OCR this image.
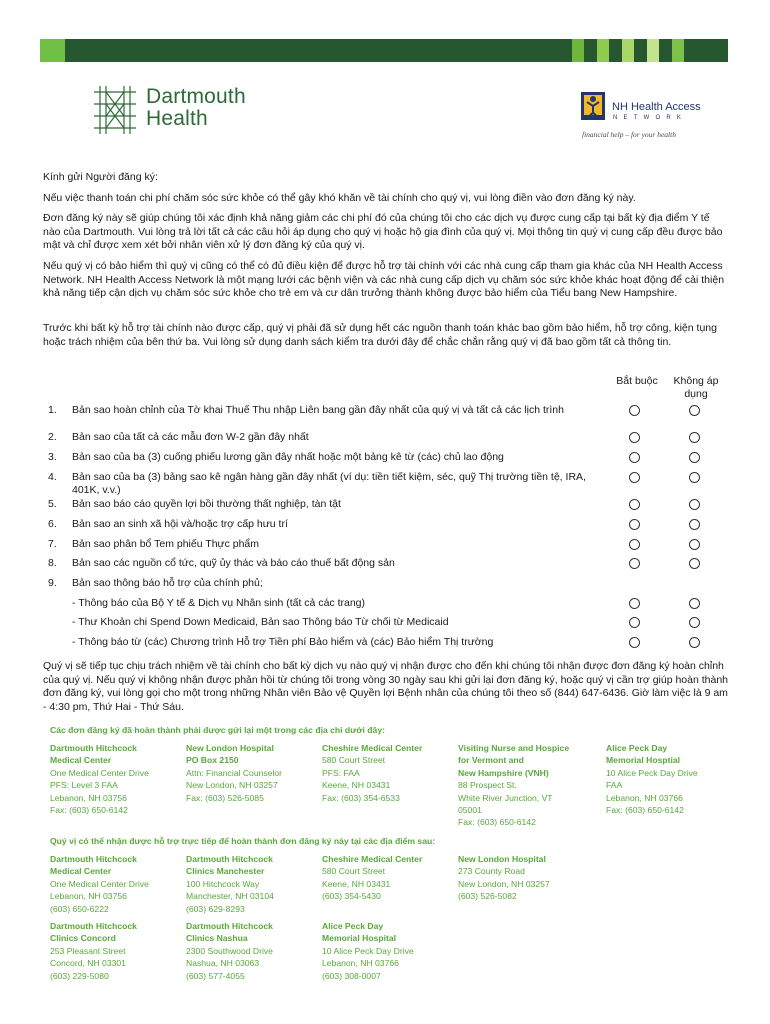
Dartmouth
Health	NH Health Access
NETWORK
financial help – for your health
Kính gửi Người đăng ký:
Nếu việc thanh toán chi phí chăm sóc sức khỏe có thể gây khó khăn về tài chính cho quý vị, vui lòng điền vào đơn đăng ký này.
Đơn đăng ký này sẽ giúp chúng tôi xác định khả năng giảm các chi phí đó của chúng tôi cho các dịch vụ được cung cấp tại bất kỳ địa điểm Y tế nào của Dartmouth. Vui lòng trả lời tất cả các câu hỏi áp dụng cho quý vị hoặc hộ gia đình của quý vị. Mọi thông tin quý vị cung cấp đều được bảo mật và chỉ được xem xét bởi nhân viên xử lý đơn đăng ký của quý vị.
Nếu quý vị có bảo hiểm thì quý vị cũng có thể có đủ điều kiện để được hỗ trợ tài chính với các nhà cung cấp tham gia khác của NH Health Access Network. NH Health Access Network là một mạng lưới các bệnh viện và các nhà cung cấp dịch vụ chăm sóc sức khỏe khác hoạt động để cải thiện khả năng tiếp cận dịch vụ chăm sóc sức khỏe cho trẻ em và cư dân trưởng thành không được bảo hiểm của Tiểu bang New Hampshire.
Trước khi bất kỳ hỗ trợ tài chính nào được cấp, quý vị phải đã sử dụng hết các nguồn thanh toán khác bao gồm bảo hiểm, hỗ trợ công, kiện tụng hoặc trách nhiệm của bên thứ ba. Vui lòng sử dụng danh sách kiểm tra dưới đây để chắc chắn rằng quý vị đã bao gồm tất cả thông tin.
Bắt buộc	Không áp dụng
1. Bản sao hoàn chỉnh của Tờ khai Thuế Thu nhập Liên bang gần đây nhất của quý vị và tất cả các lịch trình
2. Bản sao của tất cả các mẫu đơn W-2 gần đây nhất
3. Bản sao của ba (3) cuống phiếu lương gần đây nhất hoặc một bảng kê từ (các) chủ lao động
4. Bản sao của ba (3) bảng sao kê ngân hàng gần đây nhất (ví dụ: tiền tiết kiệm, séc, quỹ Thị trường tiền tệ, IRA, 401K, v.v.)
5. Bản sao báo cáo quyền lợi bồi thường thất nghiệp, tàn tật
6. Bản sao an sinh xã hội và/hoặc trợ cấp hưu trí
7. Bản sao phân bổ Tem phiếu Thực phẩm
8. Bản sao các nguồn cổ tức, quỹ ủy thác và báo cáo thuế bất động sản
9. Bản sao thông báo hỗ trợ của chính phủ;
- Thông báo của Bộ Y tế & Dịch vụ Nhân sinh (tất cả các trang)
- Thư Khoản chi Spend Down Medicaid, Bản sao Thông báo Từ chối từ Medicaid
- Thông báo từ (các) Chương trình Hỗ trợ Tiền phí Bảo hiểm và (các) Bảo hiểm Thị trường
Quý vị sẽ tiếp tục chịu trách nhiệm về tài chính cho bất kỳ dịch vụ nào quý vị nhận được cho đến khi chúng tôi nhận được đơn đăng ký hoàn chỉnh của quý vị. Nếu quý vị không nhận được phản hồi từ chúng tôi trong vòng 30 ngày sau khi gửi lại đơn đăng ký, hoặc quý vị cần trợ giúp hoàn thành đơn đăng ký, vui lòng gọi cho một trong những Nhân viên Bảo vệ Quyền lợi Bệnh nhân của chúng tôi theo số (844) 647-6436. Giờ làm việc là 9 am - 4:30 pm, Thứ Hai - Thứ Sáu.
Các đơn đăng ký đã hoàn thành phải được gửi lại một trong các địa chỉ dưới đây:
Dartmouth Hitchcock
Medical Center
One Medical Center Drive
PFS: Level 3 FAA
Lebanon, NH 03756
Fax: (603) 650-6142
New London Hospital
PO Box 2150
Attn: Financial Counselor
New London, NH 03257
Fax: (603) 526-5085
Cheshire Medical Center
580 Court Street
PFS: FAA
Keene, NH 03431
Fax: (603) 354-6533
Visiting Nurse and Hospice
for Vermont and
New Hampshire (VNH)
88 Prospect St.
White River Junction, VT
05001
Fax: (603) 650-6142
Alice Peck Day
Memorial Hosptial
10 Alice Peck Day Drive
FAA
Lebanon, NH 03766
Fax: (603) 650-6142
Quý vị có thể nhận được hỗ trợ trực tiếp để hoàn thành đơn đăng ký này tại các địa điểm sau:
Dartmouth Hitchcock
Medical Center
One Medical Center Drive
Lebanon, NH 03756
(603) 650-6222
Dartmouth Hitchcock
Clinics Manchester
100 Hitchcock Way
Manchester, NH 03104
(603) 629-8293
Cheshire Medical Center
580 Court Street
Keene, NH 03431
(603) 354-5430
New London Hospital
273 County Road
New London, NH 03257
(603) 526-5082
Dartmouth Hitchcock
Clinics Concord
253 Pleasant Street
Concord, NH 03301
(603) 229-5080
Dartmouth Hitchcock
Clinics Nashua
2300 Southwood Drive
Nashua, NH 03063
(603) 577-4055
Alice Peck Day
Memorial Hospital
10 Alice Peck Day Drive
Lebanon, NH 03766
(603) 308-0007
